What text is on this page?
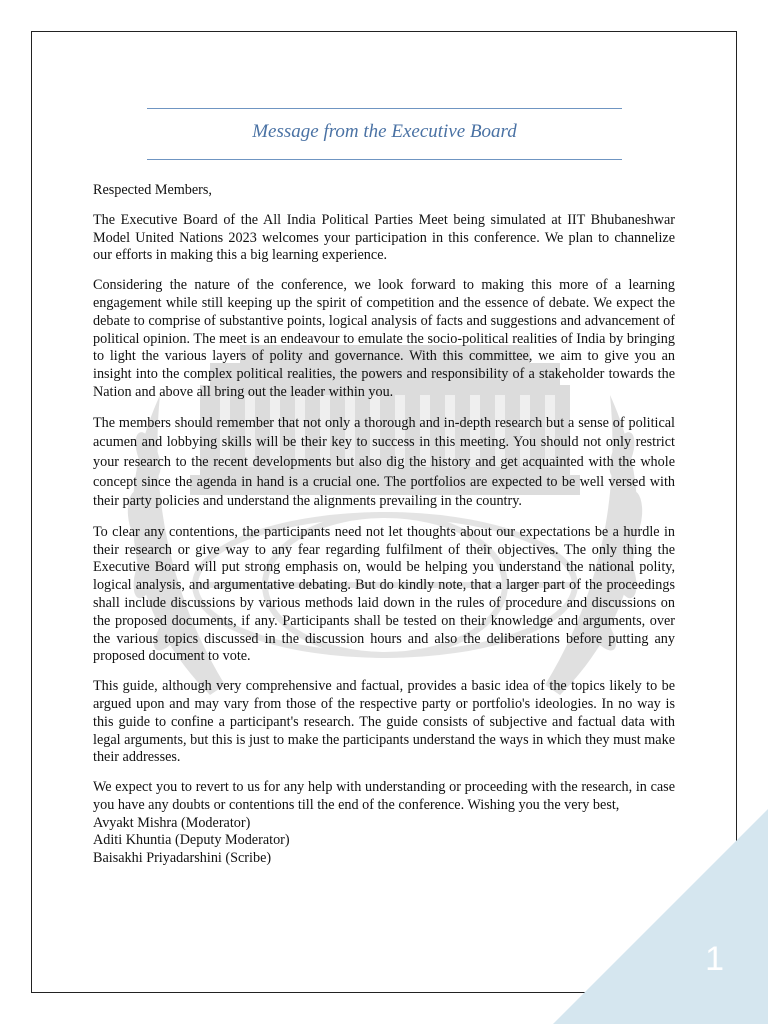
Message from the Executive Board

Respected Members,

The Executive Board of the All India Political Parties Meet being simulated at IIT Bhubaneshwar Model United Nations 2023 welcomes your participation in this conference. We plan to channelize our efforts in making this a big learning experience.

Considering the nature of the conference, we look forward to making this more of a learning engagement while still keeping up the spirit of competition and the essence of debate. We expect the debate to comprise of substantive points, logical analysis of facts and suggestions and advancement of political opinion. The meet is an endeavour to emulate the socio-political realities of India by bringing to light the various layers of polity and governance. With this committee, we aim to give you an insight into the complex political realities, the powers and responsibility of a stakeholder towards the Nation and above all bring out the leader within you.

The members should remember that not only a thorough and in-depth research but a sense of political acumen and lobbying skills will be their key to success in this meeting. You should not only restrict your research to the recent developments but also dig the history and get acquainted with the whole concept since the agenda in hand is a crucial one. The portfolios are expected to be well versed with their party policies and understand the alignments prevailing in the country.

To clear any contentions, the participants need not let thoughts about our expectations be a hurdle in their research or give way to any fear regarding fulfilment of their objectives. The only thing the Executive Board will put strong emphasis on, would be helping you understand the national polity, logical analysis, and argumentative debating. But do kindly note, that a larger part of the proceedings shall include discussions by various methods laid down in the rules of procedure and discussions on the proposed documents, if any. Participants shall be tested on their knowledge and arguments, over the various topics discussed in the discussion hours and also the deliberations before putting any proposed document to vote.

This guide, although very comprehensive and factual, provides a basic idea of the topics likely to be argued upon and may vary from those of the respective party or portfolio's ideologies. In no way is this guide to confine a participant's research. The guide consists of subjective and factual data with legal arguments, but this is just to make the participants understand the ways in which they must make their addresses.

We expect you to revert to us for any help with understanding or proceeding with the research, in case you have any doubts or contentions till the end of the conference. Wishing you the very best,

Avyakt Mishra (Moderator)
Aditi Khuntia (Deputy Moderator)
Baisakhi Priyadarshini (Scribe)
1
